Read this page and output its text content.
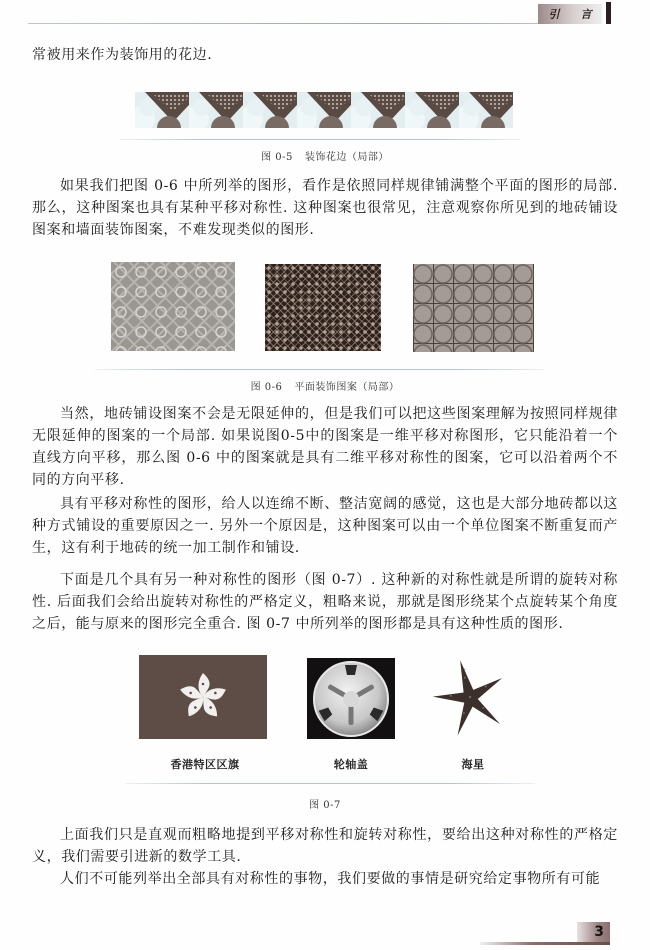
引 言

常被用来作为装饰用的花边.

图 0-5 装饰花边（局部）

如果我们把图 0-6 中所列举的图形，看作是依照同样规律铺满整个平面的图形的局部. 那么，这种图案也具有某种平移对称性. 这种图案也很常见，注意观察你所见到的地砖铺设图案和墙面装饰图案，不难发现类似的图形.

图 0-6 平面装饰图案（局部）

当然，地砖铺设图案不会是无限延伸的，但是我们可以把这些图案理解为按照同样规律无限延伸的图案的一个局部. 如果说图0-5中的图案是一维平移对称图形，它只能沿着一个直线方向平移，那么图 0-6 中的图案就是具有二维平移对称性的图案，它可以沿着两个不同的方向平移.

具有平移对称性的图形，给人以连绵不断、整洁宽阔的感觉，这也是大部分地砖都以这种方式铺设的重要原因之一. 另外一个原因是，这种图案可以由一个单位图案不断重复而产生，这有利于地砖的统一加工制作和铺设.

下面是几个具有另一种对称性的图形（图 0-7）. 这种新的对称性就是所谓的旋转对称性. 后面我们会给出旋转对称性的严格定义，粗略来说，那就是图形绕某个点旋转某个角度之后，能与原来的图形完全重合. 图 0-7 中所列举的图形都是具有这种性质的图形.

香港特区区旗	轮轴盖	海星
图 0-7

上面我们只是直观而粗略地提到平移对称性和旋转对称性，要给出这种对称性的严格定义，我们需要引进新的数学工具.

人们不可能列举出全部具有对称性的事物，我们要做的事情是研究给定事物所有可能

3
